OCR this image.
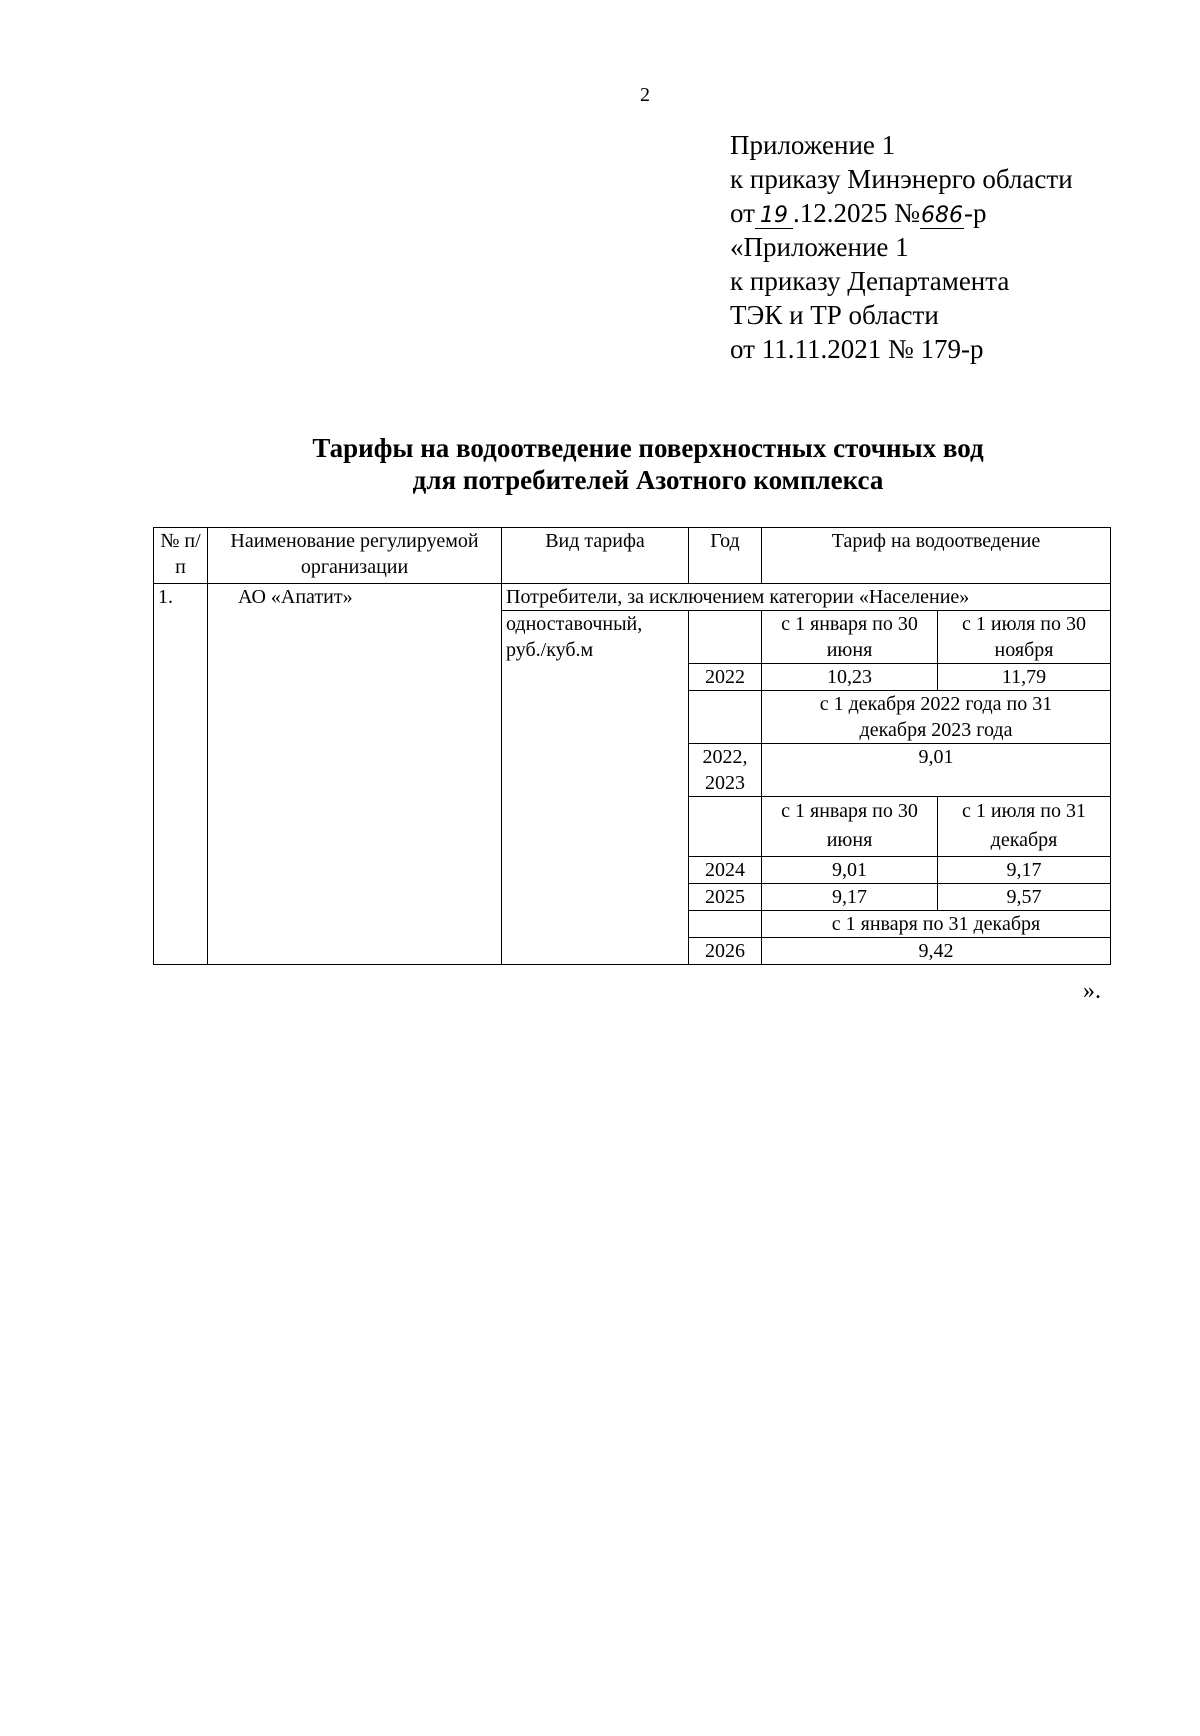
2
Приложение 1
к приказу Минэнерго области
от 19 .12.2025 №686-р
«Приложение 1
к приказу Департамента
ТЭК и ТР области
от 11.11.2021 № 179-р
Тарифы на водоотведение поверхностных сточных вод
для потребителей Азотного комплекса
№ п/п	Наименование регулируемой организации	Вид тарифа	Год	Тариф на водоотведение	
1.	АО «Апатит»	Потребители, за исключением категории «Население»			
		одноставочный, руб./куб.м		с 1 января по 30 июня	с 1 июля по 30 ноября
			2022	10,23	11,79
				с 1 декабря 2022 года по 31 декабря 2023 года	
			2022, 2023	9,01	
				с 1 января по 30 июня	с 1 июля по 31 декабря
			2024	9,01	9,17
			2025	9,17	9,57
				с 1 января по 31 декабря	
			2026	9,42	
».
